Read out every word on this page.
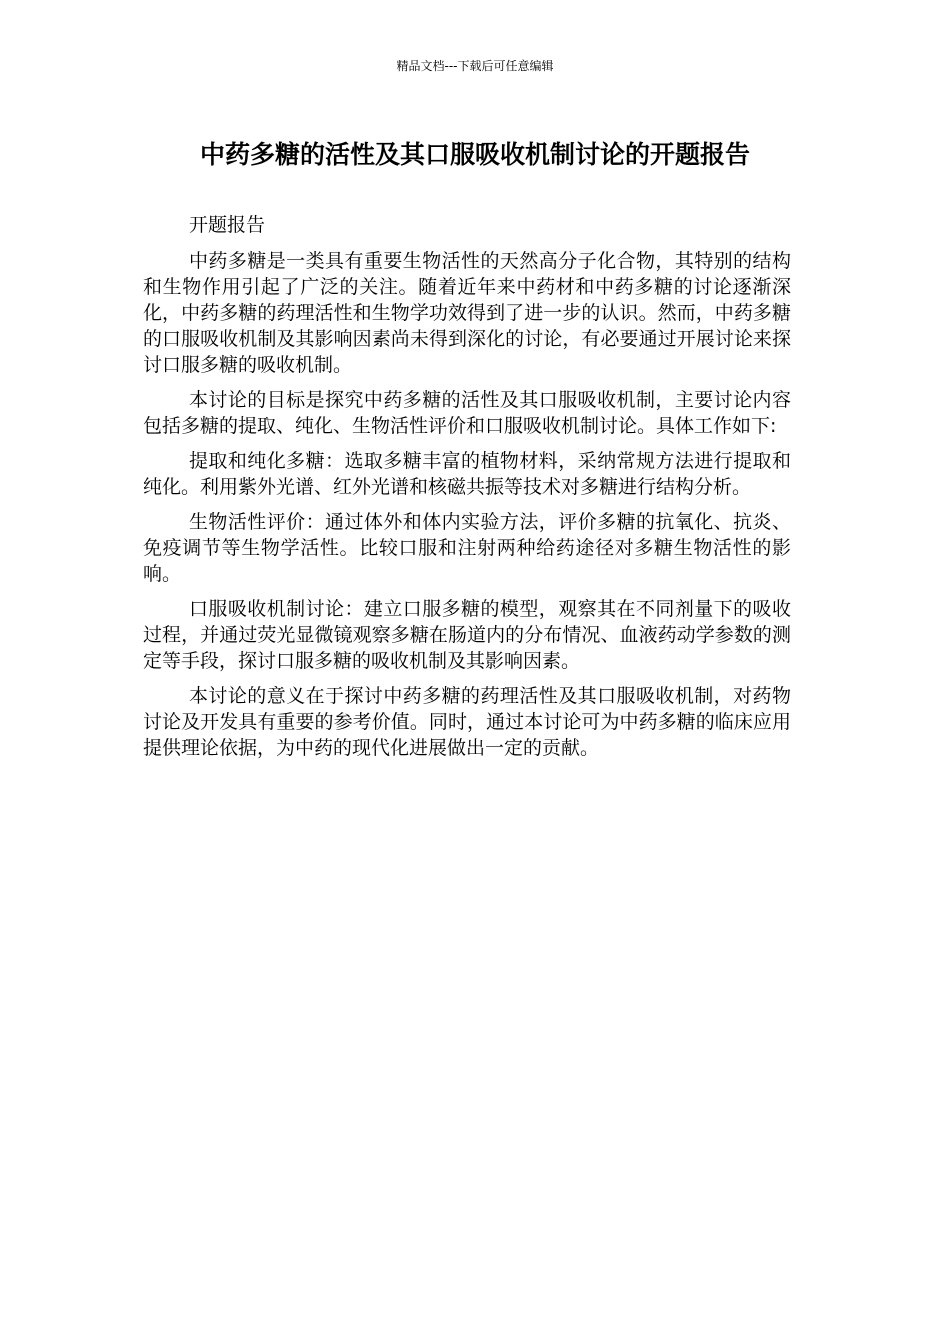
精品文档---下载后可任意编辑
中药多糖的活性及其口服吸收机制讨论的开题报告

开题报告

中药多糖是一类具有重要生物活性的天然高分子化合物，其特别的结构和生物作用引起了广泛的关注。随着近年来中药材和中药多糖的讨论逐渐深化，中药多糖的药理活性和生物学功效得到了进一步的认识。然而，中药多糖的口服吸收机制及其影响因素尚未得到深化的讨论，有必要通过开展讨论来探讨口服多糖的吸收机制。

本讨论的目标是探究中药多糖的活性及其口服吸收机制，主要讨论内容包括多糖的提取、纯化、生物活性评价和口服吸收机制讨论。具体工作如下:

提取和纯化多糖：选取多糖丰富的植物材料，采纳常规方法进行提取和纯化。利用紫外光谱、红外光谱和核磁共振等技术对多糖进行结构分析。

生物活性评价：通过体外和体内实验方法，评价多糖的抗氧化、抗炎、免疫调节等生物学活性。比较口服和注射两种给药途径对多糖生物活性的影响。

口服吸收机制讨论：建立口服多糖的模型，观察其在不同剂量下的吸收过程，并通过荧光显微镜观察多糖在肠道内的分布情况、血液药动学参数的测定等手段，探讨口服多糖的吸收机制及其影响因素。

本讨论的意义在于探讨中药多糖的药理活性及其口服吸收机制，对药物讨论及开发具有重要的参考价值。同时，通过本讨论可为中药多糖的临床应用提供理论依据，为中药的现代化进展做出一定的贡献。
